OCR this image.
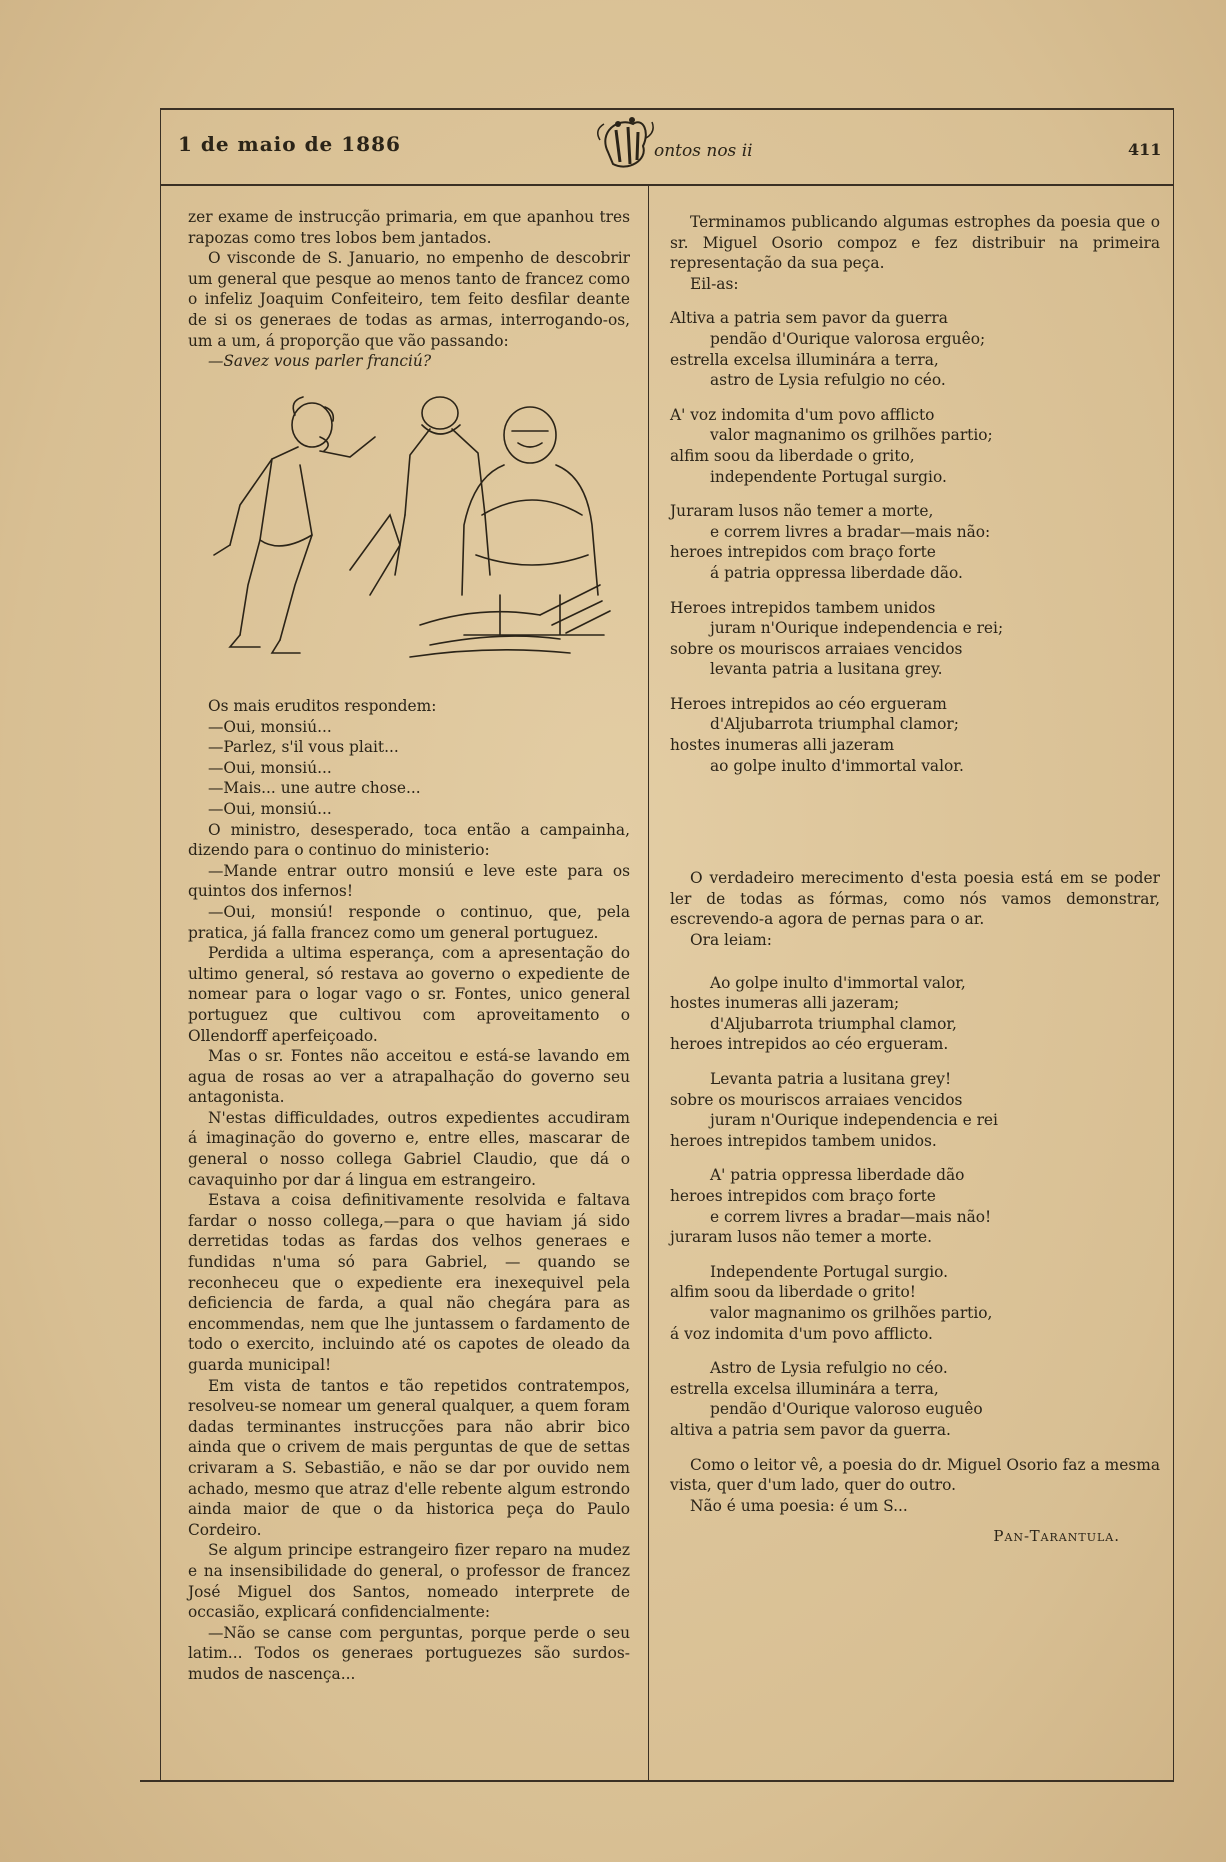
1 de maio de 1886	411
ontos nos ii

zer exame de instrucção primaria, em que apanhou tres rapozas como tres lobos bem jantados.

O visconde de S. Januario, no empenho de descobrir um general que pesque ao menos tanto de francez como o infeliz Joaquim Confeiteiro, tem feito desfilar deante de si os generaes de todas as armas, interrogando-os, um a um, á proporção que vão passando:

—Savez vous parler franciú?

Os mais eruditos respondem:

—Oui, monsiú...

—Parlez, s'il vous plait...

—Oui, monsiú...

—Mais... une autre chose...

—Oui, monsiú...

O ministro, desesperado, toca então a campainha, dizendo para o continuo do ministerio:

—Mande entrar outro monsiú e leve este para os quintos dos infernos!

—Oui, monsiú! responde o continuo, que, pela pratica, já falla francez como um general portuguez.

Perdida a ultima esperança, com a apresentação do ultimo general, só restava ao governo o expediente de nomear para o logar vago o sr. Fontes, unico general portuguez que cultivou com aproveitamento o Ollendorff aperfeiçoado.

Mas o sr. Fontes não acceitou e está-se lavando em agua de rosas ao ver a atrapalhação do governo seu antagonista.

N'estas difficuldades, outros expedientes accudiram á imaginação do governo e, entre elles, mascarar de general o nosso collega Gabriel Claudio, que dá o cavaquinho por dar á lingua em estrangeiro.

Estava a coisa definitivamente resolvida e faltava fardar o nosso collega,—para o que haviam já sido derretidas todas as fardas dos velhos generaes e fundidas n'uma só para Gabriel, — quando se reconheceu que o expediente era inexequivel pela deficiencia de farda, a qual não chegára para as encommendas, nem que lhe juntassem o fardamento de todo o exercito, incluindo até os capotes de oleado da guarda municipal!

Em vista de tantos e tão repetidos contratempos, resolveu-se nomear um general qualquer, a quem foram dadas terminantes instrucções para não abrir bico ainda que o crivem de mais perguntas de que de settas crivaram a S. Sebastião, e não se dar por ouvido nem achado, mesmo que atraz d'elle rebente algum estrondo ainda maior de que o da historica peça do Paulo Cordeiro.

Se algum principe estrangeiro fizer reparo na mudez e na insensibilidade do general, o professor de francez José Miguel dos Santos, nomeado interprete de occasião, explicará confidencialmente:

—Não se canse com perguntas, porque perde o seu latim... Todos os generaes portuguezes são surdos-mudos de nascença...

Terminamos publicando algumas estrophes da poesia que o sr. Miguel Osorio compoz e fez distribuir na primeira representação da sua peça.

Eil-as:

Altiva a patria sem pavor da guerra
pendão d'Ourique valorosa erguêo;
estrella excelsa illuminára a terra,
astro de Lysia refulgio no céo.
A' voz indomita d'um povo afflicto
valor magnanimo os grilhões partio;
alfim soou da liberdade o grito,
independente Portugal surgio.
Juraram lusos não temer a morte,
e correm livres a bradar—mais não:
heroes intrepidos com braço forte
á patria oppressa liberdade dão.
Heroes intrepidos tambem unidos
juram n'Ourique independencia e rei;
sobre os mouriscos arraiaes vencidos
levanta patria a lusitana grey.
Heroes intrepidos ao céo ergueram
d'Aljubarrota triumphal clamor;
hostes inumeras alli jazeram
ao golpe inulto d'immortal valor.

O verdadeiro merecimento d'esta poesia está em se poder ler de todas as fórmas, como nós vamos demonstrar, escrevendo-a agora de pernas para o ar.

Ora leiam:

Ao golpe inulto d'immortal valor,
hostes inumeras alli jazeram;
d'Aljubarrota triumphal clamor,
heroes intrepidos ao céo ergueram.
Levanta patria a lusitana grey!
sobre os mouriscos arraiaes vencidos
juram n'Ourique independencia e rei
heroes intrepidos tambem unidos.
A' patria oppressa liberdade dão
heroes intrepidos com braço forte
e correm livres a bradar—mais não!
juraram lusos não temer a morte.
Independente Portugal surgio.
alfim soou da liberdade o grito!
valor magnanimo os grilhões partio,
á voz indomita d'um povo afflicto.
Astro de Lysia refulgio no céo.
estrella excelsa illuminára a terra,
pendão d'Ourique valoroso euguêo
altiva a patria sem pavor da guerra.

Como o leitor vê, a poesia do dr. Miguel Osorio faz a mesma vista, quer d'um lado, quer do outro.

Não é uma poesia: é um S...

Pan-Tarantula.
